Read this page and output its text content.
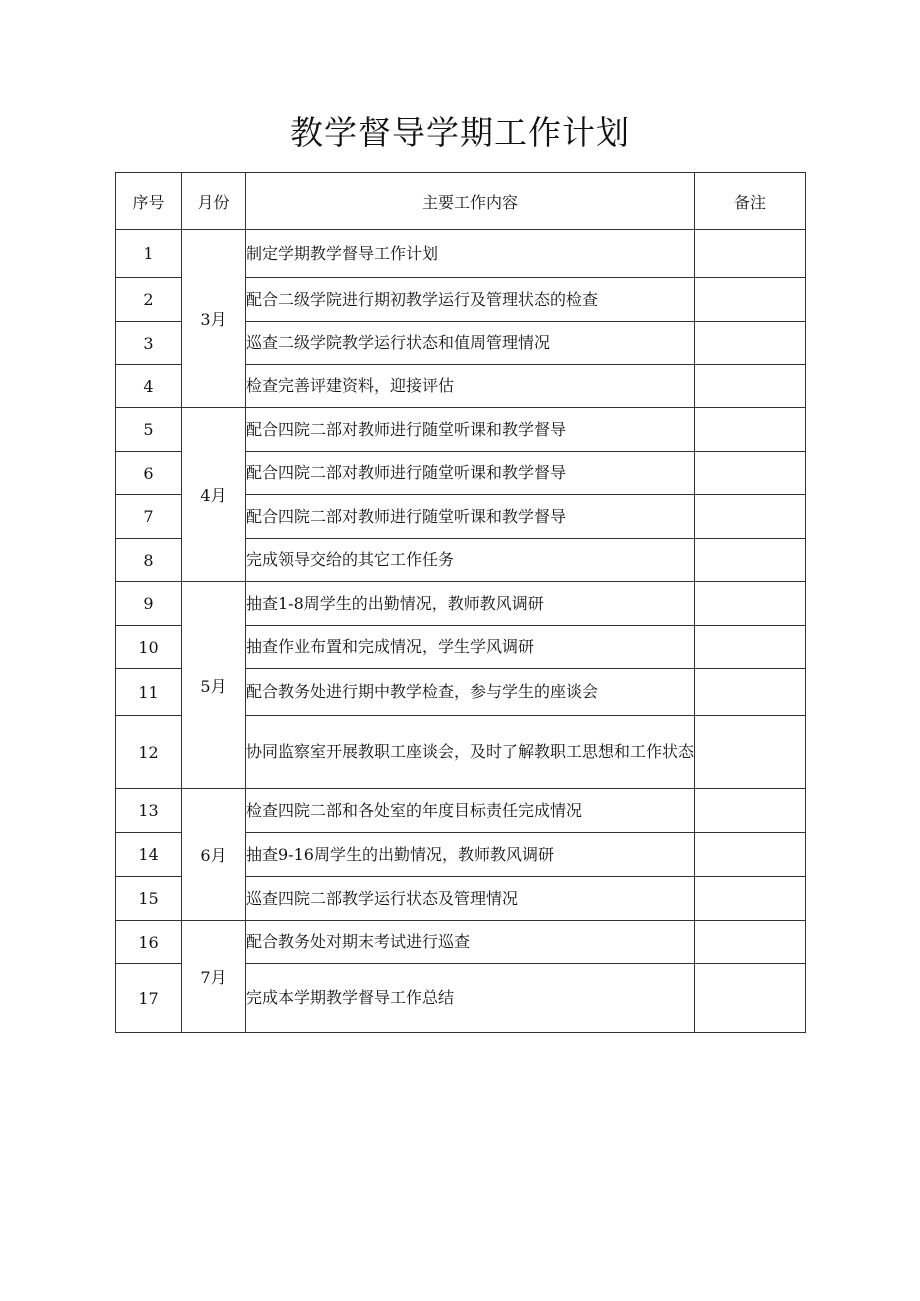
教学督导学期工作计划
序号	月份	主要工作内容	备注
1	3月	制定学期教学督导工作计划	
2		配合二级学院进行期初教学运行及管理状态的检查	
3		巡查二级学院教学运行状态和值周管理情况	
4		检查完善评建资料，迎接评估	
5	4月	配合四院二部对教师进行随堂听课和教学督导	
6		配合四院二部对教师进行随堂听课和教学督导	
7		配合四院二部对教师进行随堂听课和教学督导	
8		完成领导交给的其它工作任务	
9	5月	抽查1-8周学生的出勤情况，教师教风调研	
10		抽查作业布置和完成情况，学生学风调研	
11		配合教务处进行期中教学检查，参与学生的座谈会	
12		协同监察室开展教职工座谈会，及时了解教职工思想和工作状态	
13	6月	检查四院二部和各处室的年度目标责任完成情况	
14		抽查9-16周学生的出勤情况，教师教风调研	
15		巡查四院二部教学运行状态及管理情况	
16	7月	配合教务处对期末考试进行巡查	
17		完成本学期教学督导工作总结	
